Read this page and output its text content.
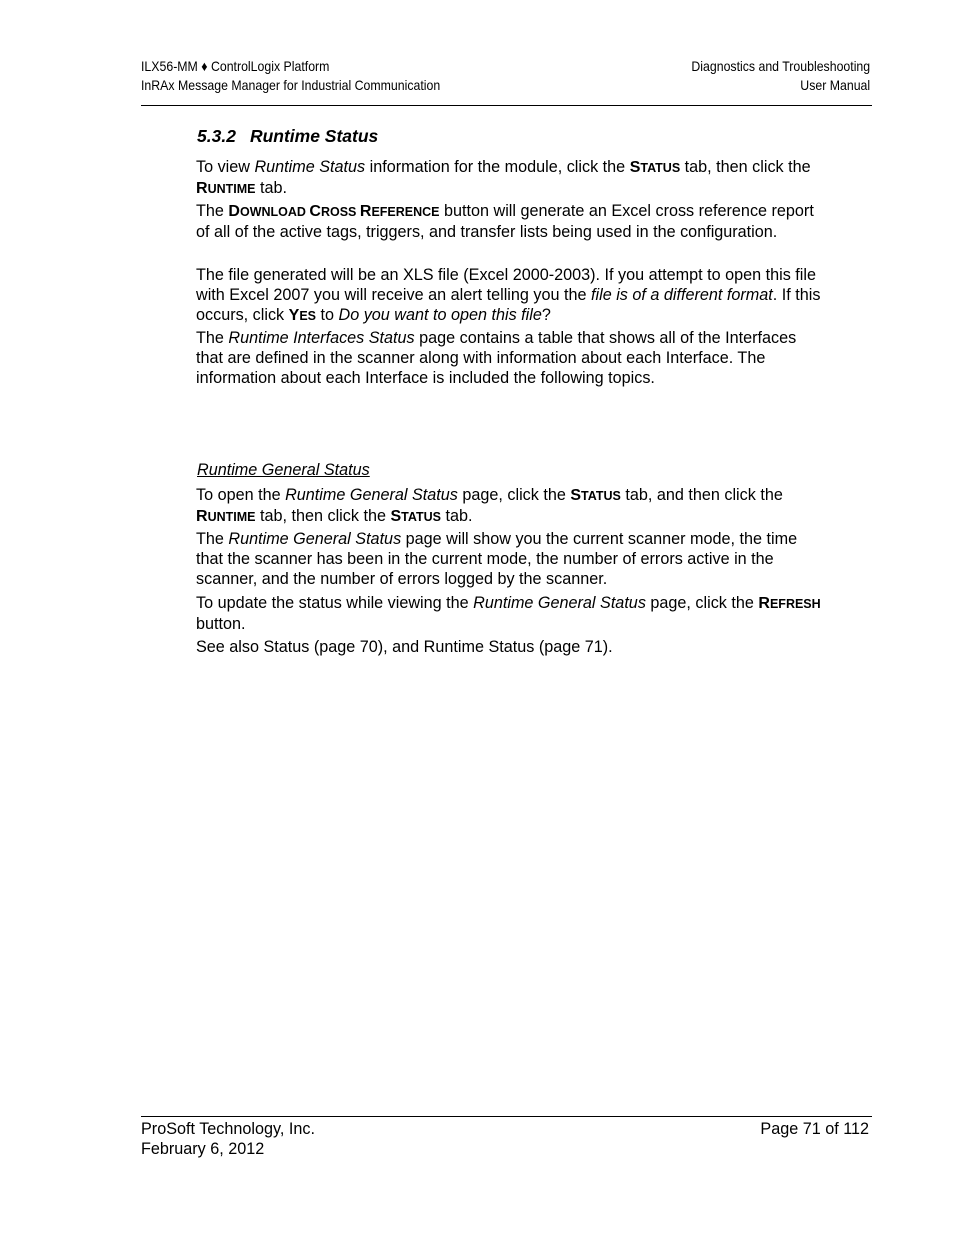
ILX56-MM ♦ ControlLogix Platform
InRAx Message Manager for Industrial Communication
Diagnostics and Troubleshooting
User Manual
5.3.2 Runtime Status

To view Runtime Status information for the module, click the STATUS tab, then click the RUNTIME tab.

The DOWNLOAD CROSS REFERENCE button will generate an Excel cross reference report of all of the active tags, triggers, and transfer lists being used in the configuration.

The file generated will be an XLS file (Excel 2000-2003). If you attempt to open this file with Excel 2007 you will receive an alert telling you the file is of a different format. If this occurs, click YES to Do you want to open this file?

The Runtime Interfaces Status page contains a table that shows all of the Interfaces that are defined in the scanner along with information about each Interface. The information about each Interface is included the following topics.

Runtime General Status

To open the Runtime General Status page, click the STATUS tab, and then click the RUNTIME tab, then click the STATUS tab.

The Runtime General Status page will show you the current scanner mode, the time that the scanner has been in the current mode, the number of errors active in the scanner, and the number of errors logged by the scanner.

To update the status while viewing the Runtime General Status page, click the REFRESH button.

See also Status (page 70), and Runtime Status (page 71).

ProSoft Technology, Inc.
February 6, 2012
Page 71 of 112
